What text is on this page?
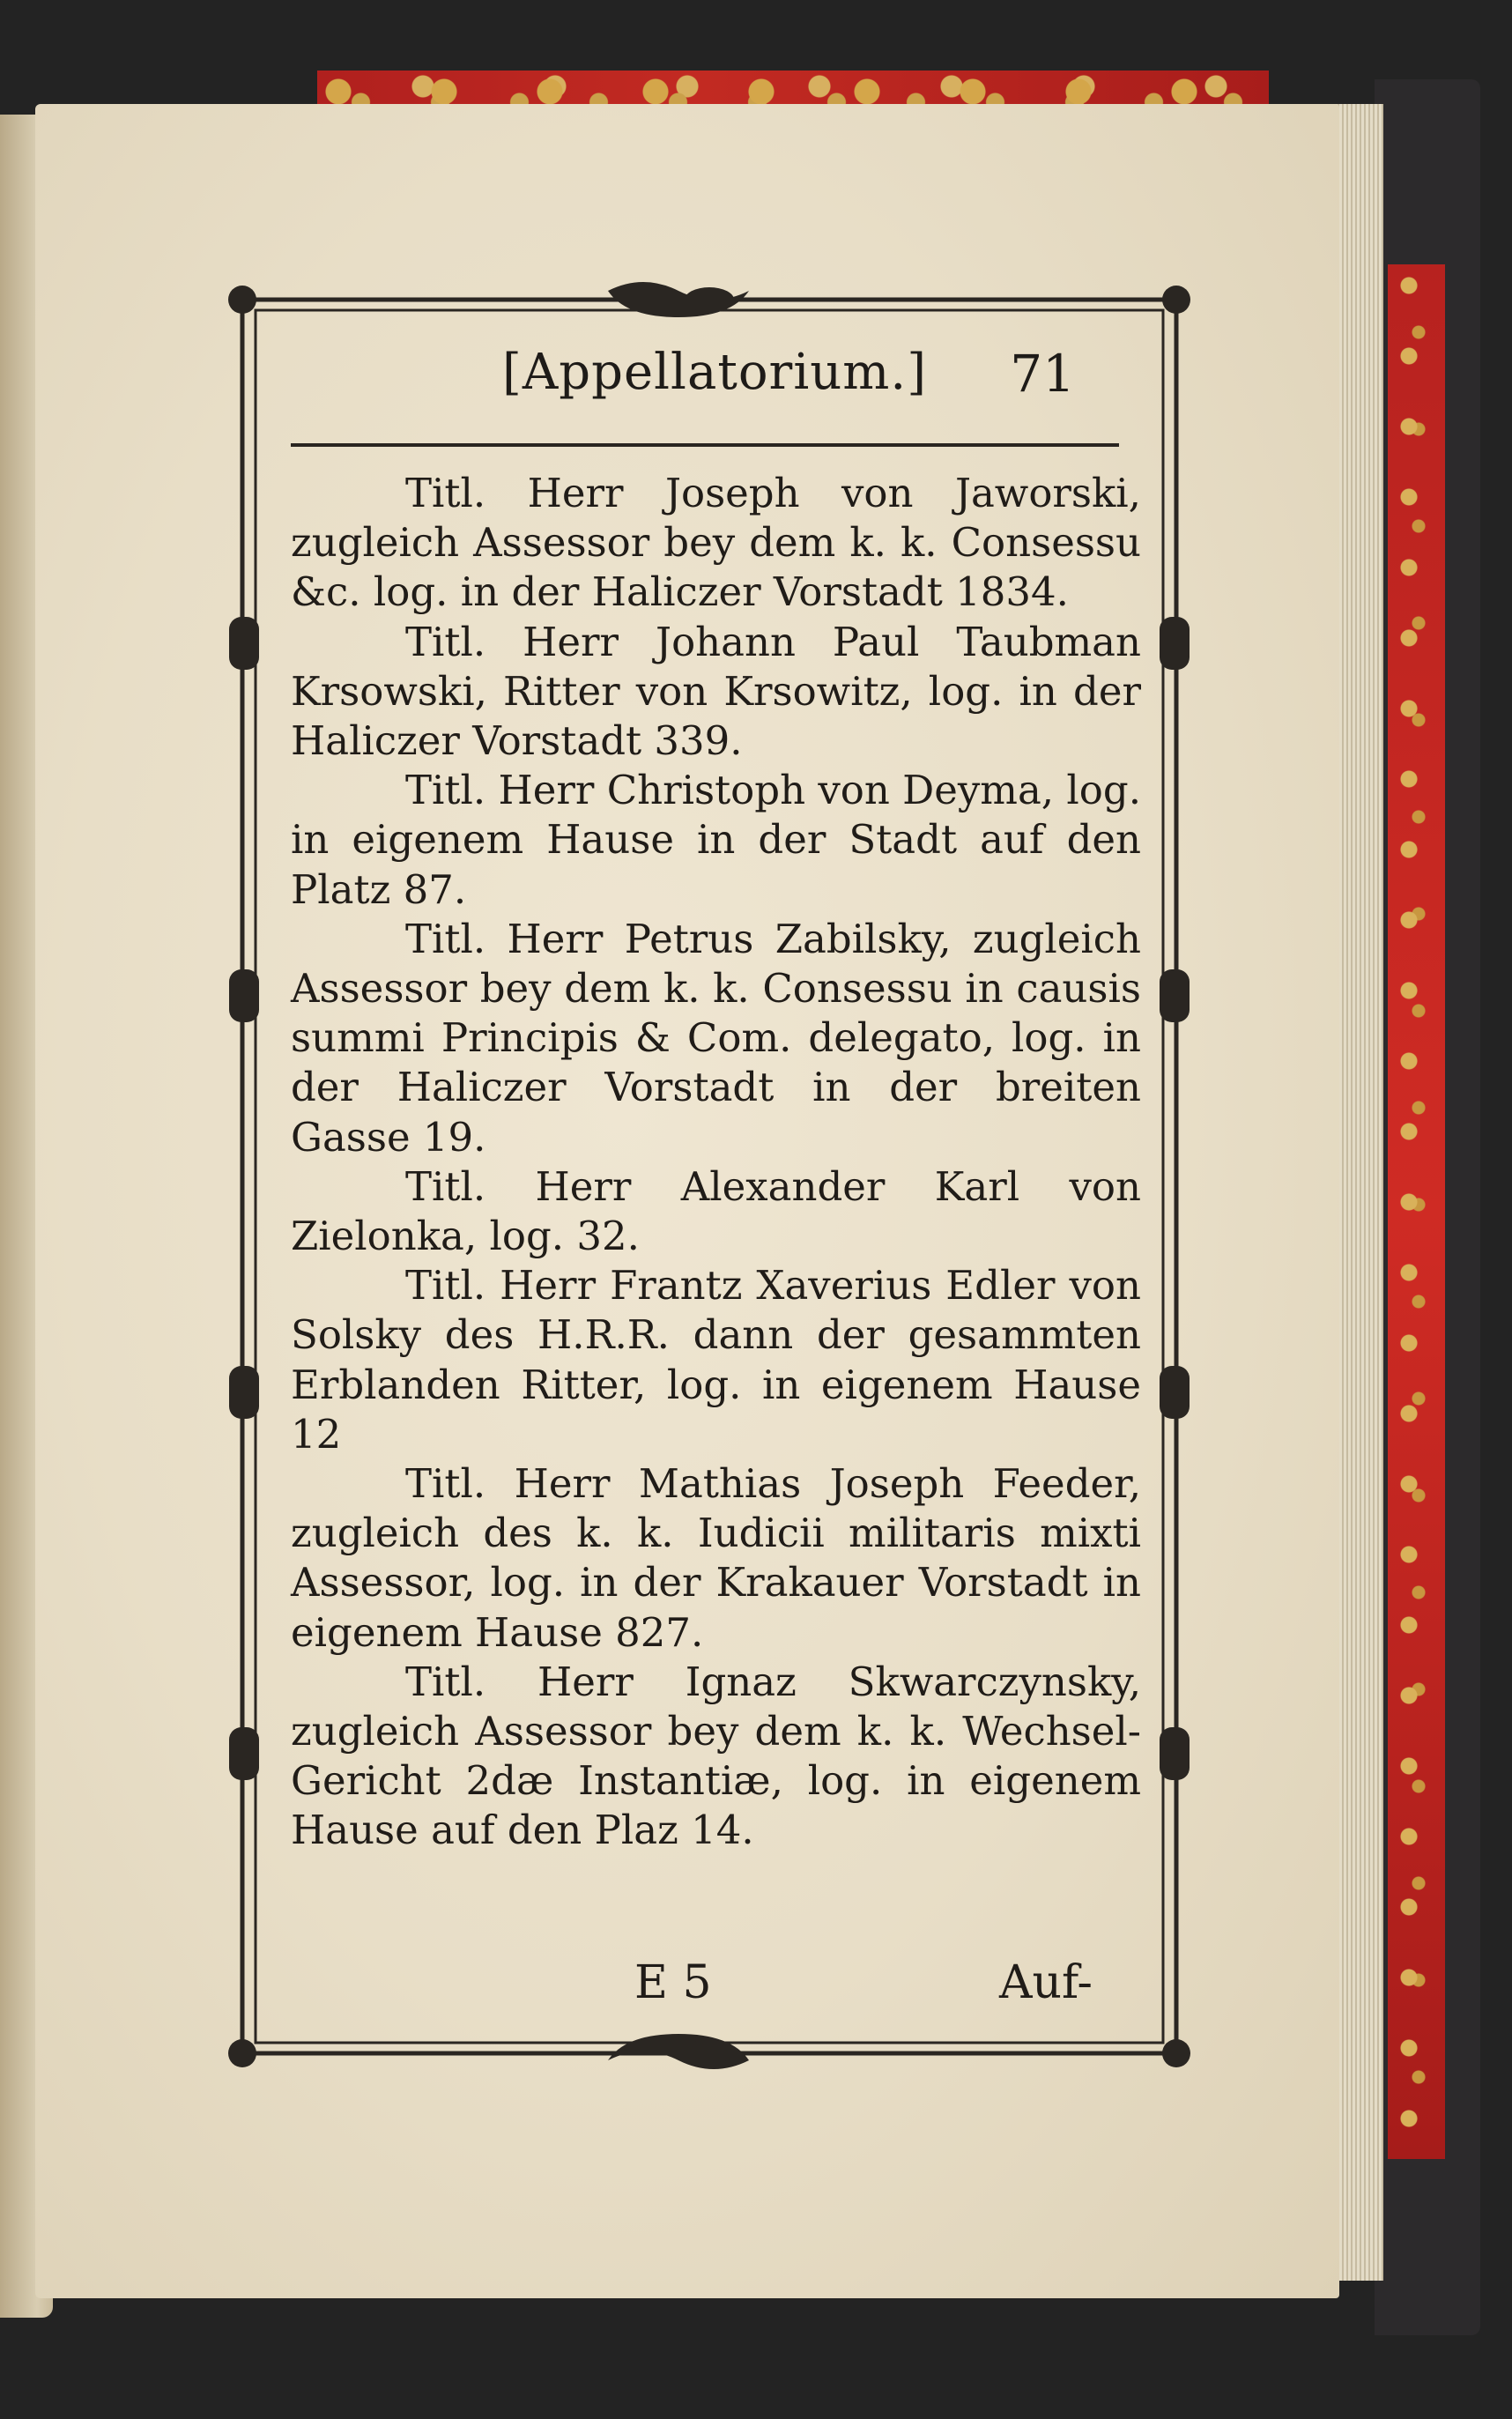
[Appellatorium.] 71

Titl. Herr Joseph von Jaworski, zugleich Assessor bey dem k. k. Consessu &c. log. in der Haliczer Vorstadt 1834.

Titl. Herr Johann Paul Taubman Krsowski, Ritter von Krsowitz, log. in der Haliczer Vorstadt 339.

Titl. Herr Christoph von Deyma, log. in eigenem Hause in der Stadt auf den Platz 87.

Titl. Herr Petrus Zabilsky, zugleich Assessor bey dem k. k. Consessu in causis summi Principis & Com. delegato, log. in der Haliczer Vorstadt in der breiten Gasse 19.

Titl. Herr Alexander Karl von Zielonka, log. 32.

Titl. Herr Frantz Xaverius Edler von Solsky des H.R.R. dann der gesammten Erblanden Ritter, log. in eigenem Hause 12

Titl. Herr Mathias Joseph Feeder, zugleich des k. k. Iudicii militaris mixti Assessor, log. in der Krakauer Vorstadt in eigenem Hause 827.

Titl. Herr Ignaz Skwarczynsky, zugleich Assessor bey dem k. k. Wechsel-Gericht 2dæ Instantiæ, log. in eigenem Hause auf den Plaz 14.

E 5	Auf-
